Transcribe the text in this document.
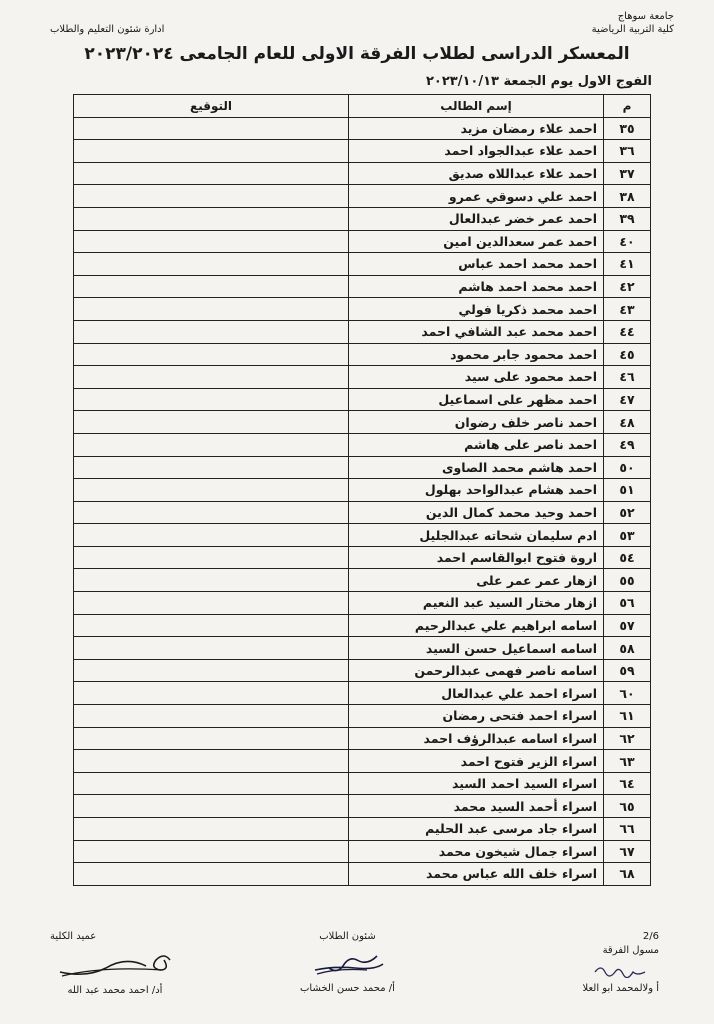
جامعة سوهاج
كلية التربية الرياضية
ادارة شئون التعليم والطلاب
المعسكر الدراسى لطلاب الفرقة الاولى للعام الجامعى ٢٠٢٣/٢٠٢٤
الفوج الاول يوم الجمعة ٢٠٢٣/١٠/١٣
م	إسم الطالب	التوقيع
٣٥	احمد علاء رمضان مزيد	
٣٦	احمد علاء عبدالجواد احمد	
٣٧	احمد علاء عبداللاه صديق	
٣٨	احمد علي دسوقي عمرو	
٣٩	احمد عمر خضر عبدالعال	
٤٠	احمد عمر سعدالدين امين	
٤١	احمد محمد احمد عباس	
٤٢	احمد محمد احمد هاشم	
٤٣	احمد محمد ذكريا فولي	
٤٤	احمد محمد عبد الشافي احمد	
٤٥	احمد محمود جابر محمود	
٤٦	احمد محمود على سيد	
٤٧	احمد مظهر على اسماعيل	
٤٨	احمد ناصر خلف رضوان	
٤٩	احمد ناصر على هاشم	
٥٠	احمد هاشم محمد الصاوى	
٥١	احمد هشام عبدالواحد بهلول	
٥٢	احمد وحيد محمد كمال الدين	
٥٣	ادم سليمان شحاته عبدالجليل	
٥٤	اروة فتوح ابوالقاسم احمد	
٥٥	ازهار عمر عمر على	
٥٦	ازهار مختار السيد عبد النعيم	
٥٧	اسامه ابراهيم علي عبدالرحيم	
٥٨	اسامه اسماعيل حسن السيد	
٥٩	اسامه ناصر فهمى عبدالرحمن	
٦٠	اسراء احمد علي عبدالعال	
٦١	اسراء احمد فتحى رمضان	
٦٢	اسراء اسامه عبدالرؤف احمد	
٦٣	اسراء الزير فتوح احمد	
٦٤	اسراء السيد احمد السيد	
٦٥	اسراء أحمد السيد محمد	
٦٦	اسراء جاد مرسى عبد الحليم	
٦٧	اسراء جمال شيخون محمد	
٦٨	اسراء خلف الله عباس محمد	
2/6
مسول الفرقة
أ ولالمحمد ابو العلا
شئون الطلاب
أ/ محمد حسن الخشاب
عميد الكلية
أد/ احمد محمد عبد الله
